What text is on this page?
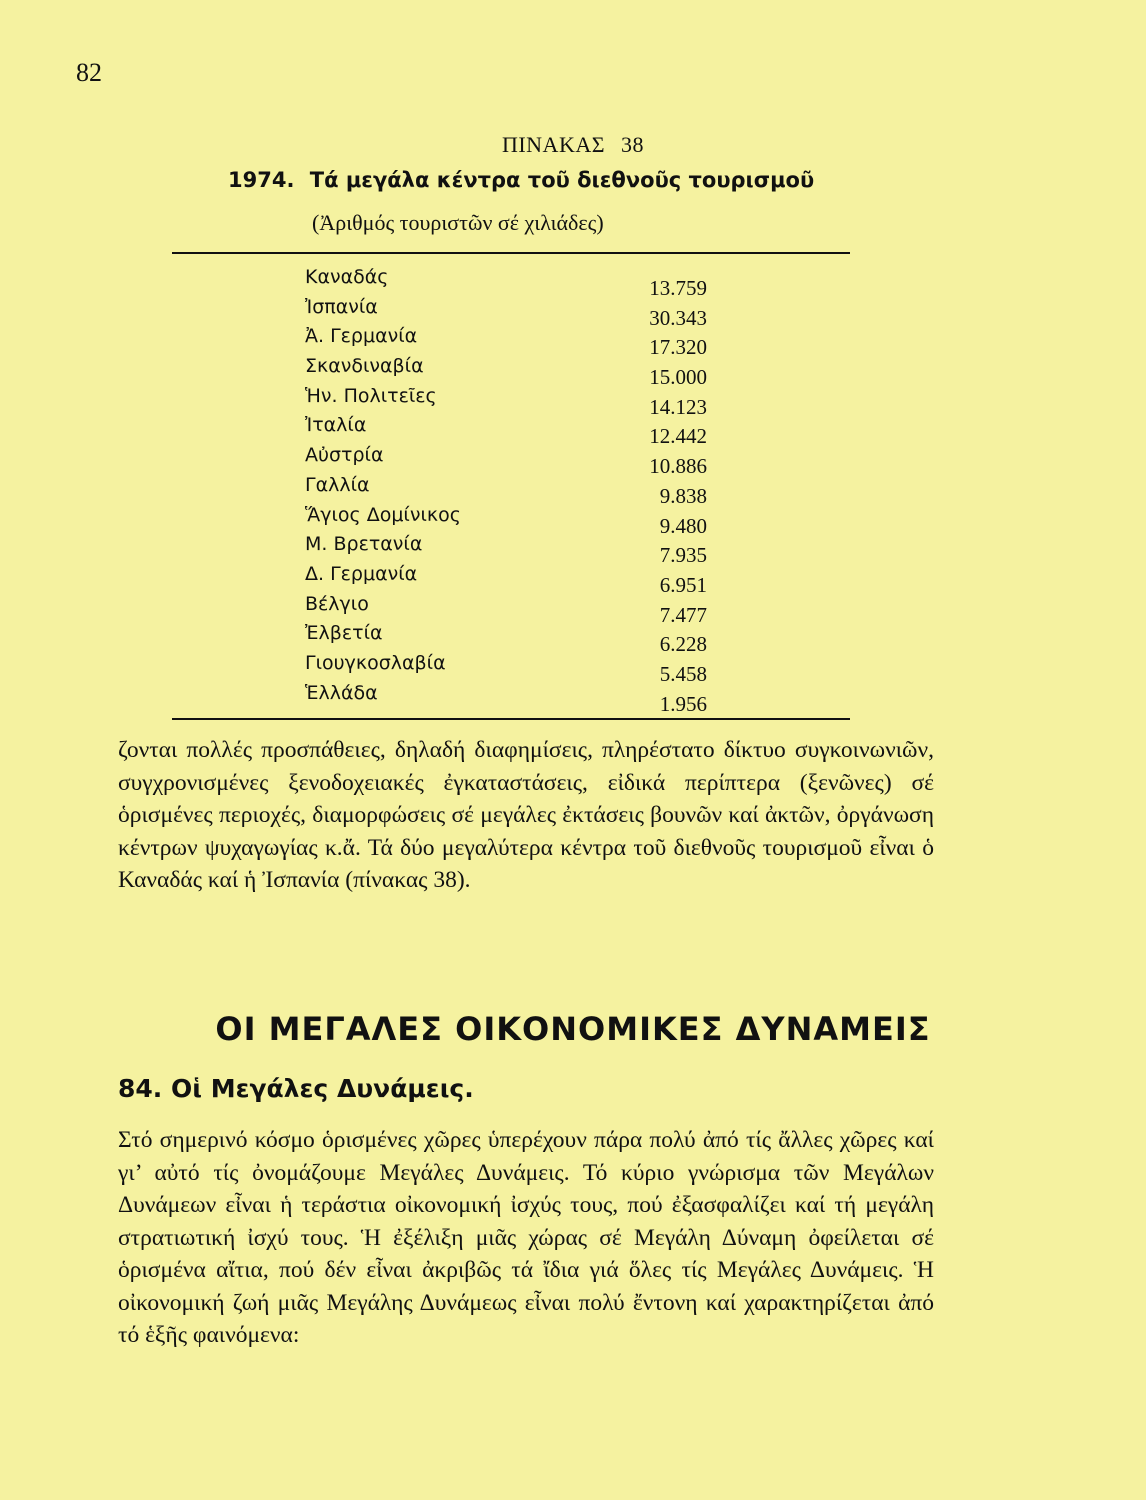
82
ΠΙΝΑΚΑΣ 38
1974. Τά μεγάλα κέντρα τοῦ διεθνοῦς τουρισμοῦ
(Ἀριθμός τουριστῶν σέ χιλιάδες)
Καναδάς	13.759
Ἰσπανία	30.343
Ἀ. Γερμανία	17.320
Σκανδιναβία	15.000
Ἡν. Πολιτεῖες	14.123
Ἰταλία	12.442
Αὐστρία	10.886
Γαλλία	9.838
Ἅγιος Δομίνικος	9.480
Μ. Βρετανία	7.935
Δ. Γερμανία	6.951
Βέλγιο	7.477
Ἐλβετία	6.228
Γιουγκοσλαβία	5.458
Ἑλλάδα	1.956

ζονται πολλές προσπάθειες, δηλαδή διαφημίσεις, πληρέστατο δίκτυο συγκοινωνιῶν, συγχρονισμένες ξενοδοχειακές ἐγκαταστάσεις, εἰδικά περίπτερα (ξενῶνες) σέ ὁρισμένες περιοχές, διαμορφώσεις σέ μεγάλες ἐκτάσεις βουνῶν καί ἀκτῶν, ὀργάνωση κέντρων ψυχαγωγίας κ.ἄ. Τά δύο μεγαλύτερα κέντρα τοῦ διεθνοῦς τουρισμοῦ εἶναι ὁ Καναδάς καί ἡ Ἰσπανία (πίνακας 38).

ΟΙ ΜΕΓΑΛΕΣ ΟΙΚΟΝΟΜΙΚΕΣ ΔΥΝΑΜΕΙΣ
84. Οἱ Μεγάλες Δυνάμεις.

Στό σημερινό κόσμο ὁρισμένες χῶρες ὑπερέχουν πάρα πολύ ἀπό τίς ἄλλες χῶρες καί γι’ αὐτό τίς ὀνομάζουμε Μεγάλες Δυνάμεις. Τό κύριο γνώρισμα τῶν Μεγάλων Δυνάμεων εἶναι ἡ τεράστια οἰκονομική ἰσχύς τους, πού ἐξασφαλίζει καί τή μεγάλη στρατιωτική ἰσχύ τους. Ἡ ἐξέλιξη μιᾶς χώρας σέ Μεγάλη Δύναμη ὀφείλεται σέ ὁρισμένα αἴτια, πού δέν εἶναι ἀκριβῶς τά ἴδια γιά ὅλες τίς Μεγάλες Δυνάμεις. Ἡ οἰκονομική ζωή μιᾶς Μεγάλης Δυνάμεως εἶναι πολύ ἔντονη καί χαρακτηρίζεται ἀπό τό ἑξῆς φαινόμενα:
